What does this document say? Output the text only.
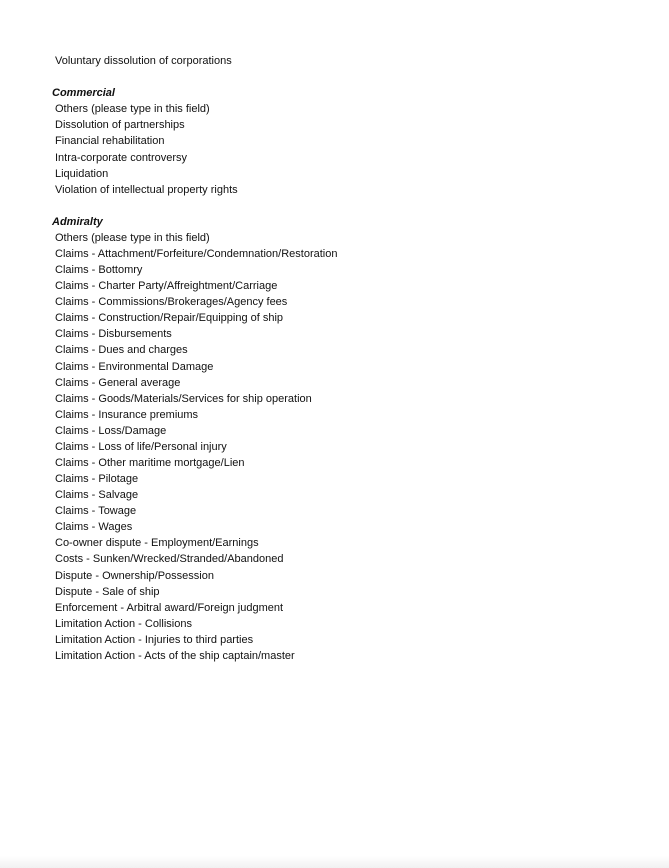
Voluntary dissolution of corporations
Commercial
Others (please type in this field)
Dissolution of partnerships
Financial rehabilitation
Intra-corporate controversy
Liquidation
Violation of intellectual property rights
Admiralty
Others (please type in this field)
Claims - Attachment/Forfeiture/Condemnation/Restoration
Claims - Bottomry
Claims - Charter Party/Affreightment/Carriage
Claims - Commissions/Brokerages/Agency fees
Claims - Construction/Repair/Equipping of ship
Claims - Disbursements
Claims - Dues and charges
Claims - Environmental Damage
Claims - General average
Claims - Goods/Materials/Services for ship operation
Claims - Insurance premiums
Claims - Loss/Damage
Claims - Loss of life/Personal injury
Claims - Other maritime mortgage/Lien
Claims - Pilotage
Claims - Salvage
Claims - Towage
Claims - Wages
Co-owner dispute - Employment/Earnings
Costs - Sunken/Wrecked/Stranded/Abandoned
Dispute - Ownership/Possession
Dispute - Sale of ship
Enforcement - Arbitral award/Foreign judgment
Limitation Action - Collisions
Limitation Action - Injuries to third parties
Limitation Action - Acts of the ship captain/master
